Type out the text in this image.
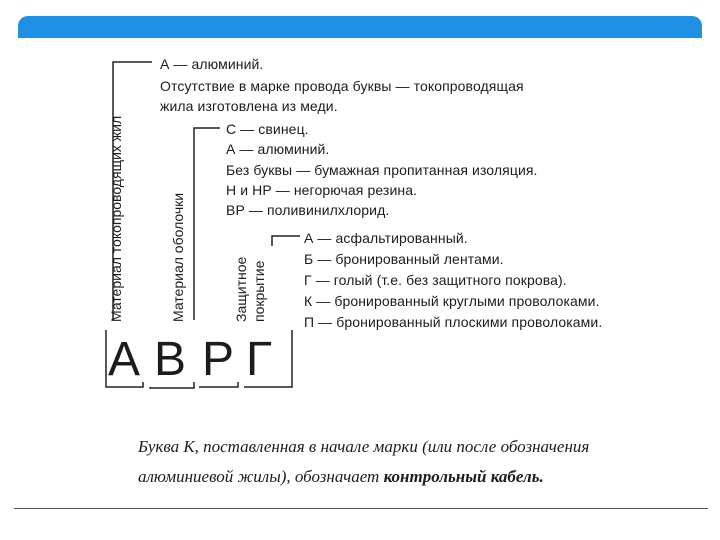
Материал токопроводящих жил	Материал оболочки	Защитное покрытие
А — алюминий.
Отсутствие в марке провода буквы — токопроводящая
жила изготовлена из меди.
С — свинец.
А — алюминий.
Без буквы — бумажная пропитанная изоляция.
Н и НР — негорючая резина.
ВР — поливинилхлорид.
А — асфальтированный.
Б — бронированный лентами.
Г — голый (т.е. без защитного покрова).
К — бронированный круглыми проволоками.
П — бронированный плоскими проволоками.
А В Р Г
Буква К, поставленная в начале марки (или после обозначения
алюминиевой жилы), обозначает контрольный кабель.
